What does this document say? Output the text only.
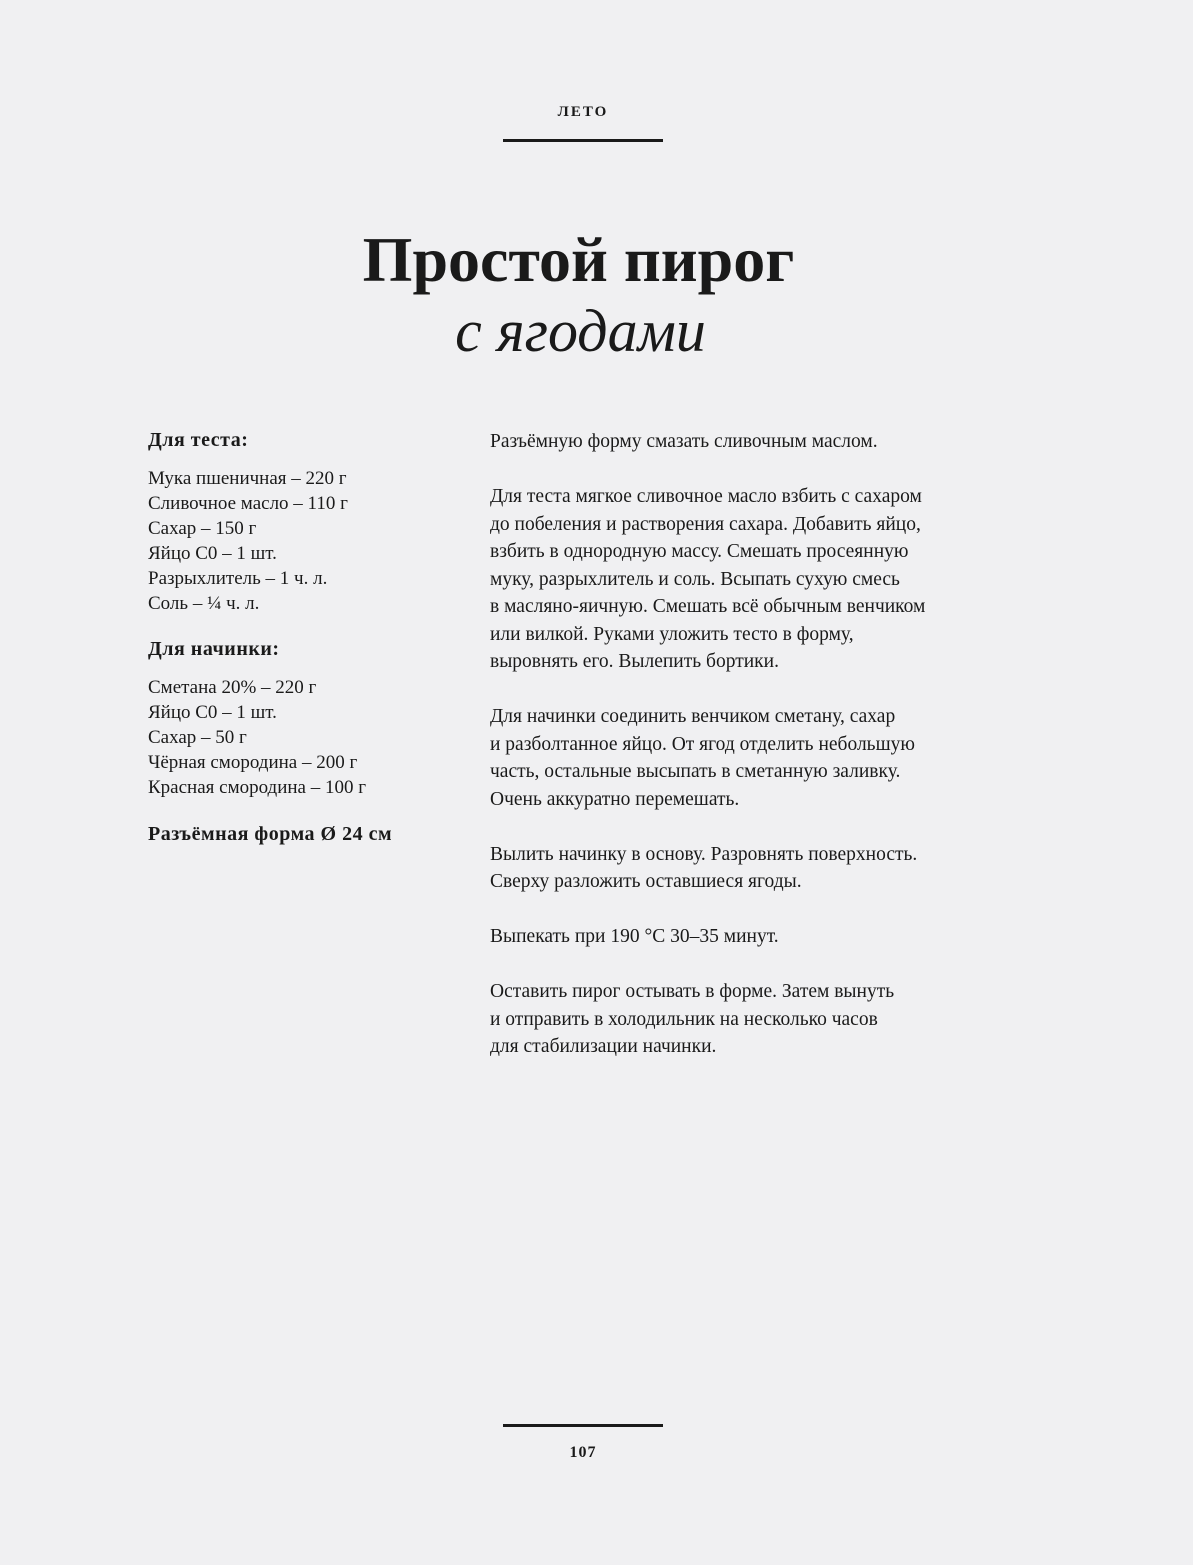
ЛЕТО
Простой пирог
с ягодами
Для теста:
Мука пшеничная – 220 г
Сливочное масло – 110 г
Сахар – 150 г
Яйцо С0 – 1 шт.
Разрыхлитель – 1 ч. л.
Соль – ¼ ч. л.
Для начинки:
Сметана 20% – 220 г
Яйцо С0 – 1 шт.
Сахар – 50 г
Чёрная смородина – 200 г
Красная смородина – 100 г
Разъёмная форма Ø 24 см

Разъёмную форму смазать сливочным маслом.

Для теста мягкое сливочное масло взбить с сахаром
до побеления и растворения сахара. Добавить яйцо,
взбить в однородную массу. Смешать просеянную
муку, разрыхлитель и соль. Всыпать сухую смесь
в масляно-яичную. Смешать всё обычным венчиком
или вилкой. Руками уложить тесто в форму,
выровнять его. Вылепить бортики.

Для начинки соединить венчиком сметану, сахар
и разболтанное яйцо. От ягод отделить небольшую
часть, остальные высыпать в сметанную заливку.
Очень аккуратно перемешать.

Вылить начинку в основу. Разровнять поверхность.
Сверху разложить оставшиеся ягоды.

Выпекать при 190 °С 30–35 минут.

Оставить пирог остывать в форме. Затем вынуть
и отправить в холодильник на несколько часов
для стабилизации начинки.

107
